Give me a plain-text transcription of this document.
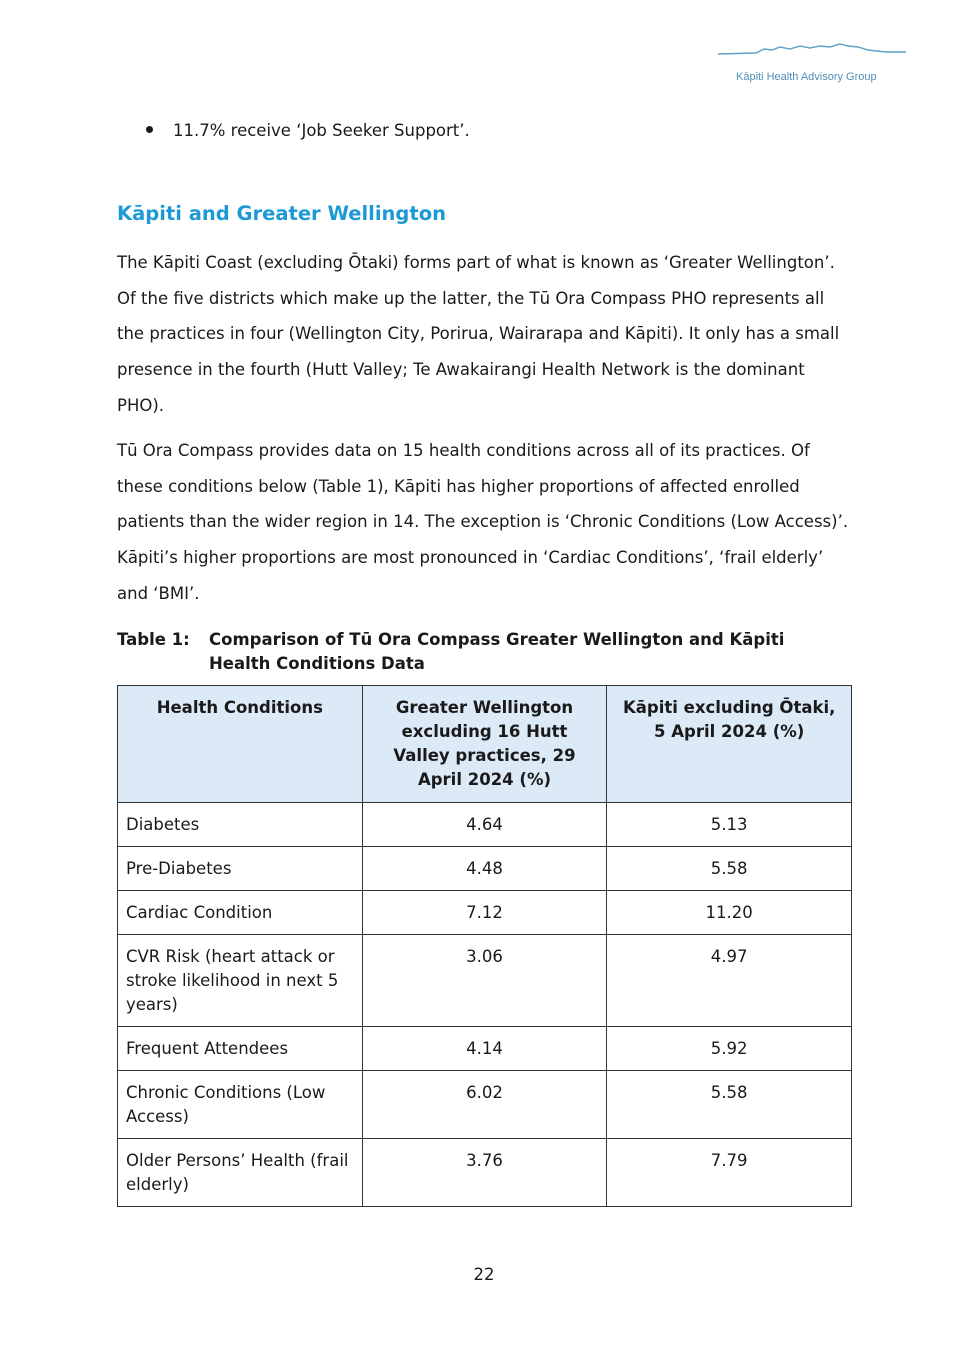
Kāpiti Health Advisory Group
11.7% receive ‘Job Seeker Support’.
Kāpiti and Greater Wellington

The Kāpiti Coast (excluding Ōtaki) forms part of what is known as ‘Greater Wellington’.
Of the five districts which make up the latter, the Tū Ora Compass PHO represents all
the practices in four (Wellington City, Porirua, Wairarapa and Kāpiti). It only has a small
presence in the fourth (Hutt Valley; Te Awakairangi Health Network is the dominant
PHO).

Tū Ora Compass provides data on 15 health conditions across all of its practices. Of
these conditions below (Table 1), Kāpiti has higher proportions of affected enrolled
patients than the wider region in 14. The exception is ‘Chronic Conditions (Low Access)’.
Kāpiti’s higher proportions are most pronounced in ‘Cardiac Conditions’, ‘frail elderly’
and ‘BMI’.

Table 1: Comparison of Tū Ora Compass Greater Wellington and Kāpiti Health Conditions Data
Health Conditions	Greater Wellington excluding 16 Hutt Valley practices, 29 April 2024 (%)	Kāpiti excluding Ōtaki, 5 April 2024 (%)
Diabetes	4.64	5.13
Pre-Diabetes	4.48	5.58
Cardiac Condition	7.12	11.20
CVR Risk (heart attack or stroke likelihood in next 5 years)	3.06	4.97
Frequent Attendees	4.14	5.92
Chronic Conditions (Low Access)	6.02	5.58
Older Persons’ Health (frail elderly)	3.76	7.79
22
